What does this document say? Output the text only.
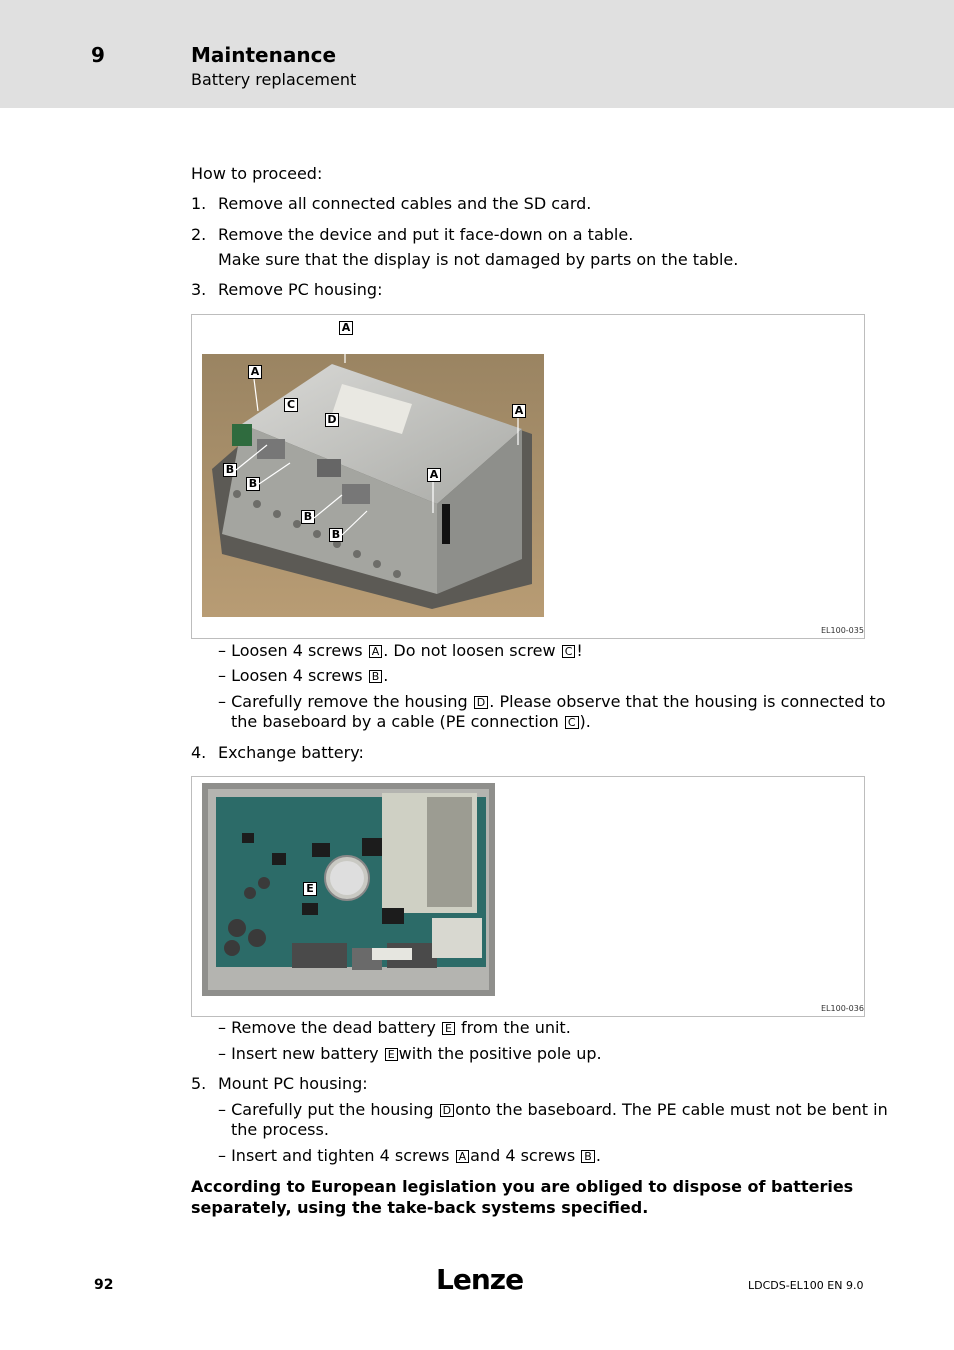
9	Maintenance
Battery replacement
How to proceed:
1. Remove all connected cables and the SD card.
2. Remove the device and put it face-down on a table.
Make sure that the display is not damaged by parts on the table.
3. Remove PC housing:
A
A
A
A
C
D
B
B
B
B
EL100-035
– Loosen 4 screws A . Do not loosen screw C !
– Loosen 4 screws B .
– Carefully remove the housing D . Please observe that the housing is connected to
the baseboard by a cable (PE connection C ).
4. Exchange battery:
E
EL100-036
– Remove the dead battery E from the unit.
– Insert new battery E with the positive pole up.
5. Mount PC housing:
– Carefully put the housing D onto the baseboard. The PE cable must not be bent in
the process.
– Insert and tighten 4 screws A and 4 screws B .
According to European legislation you are obliged to dispose of batteries separately, using the take-back systems specified.
92	Lenze	LDCDS-EL100 EN 9.0
